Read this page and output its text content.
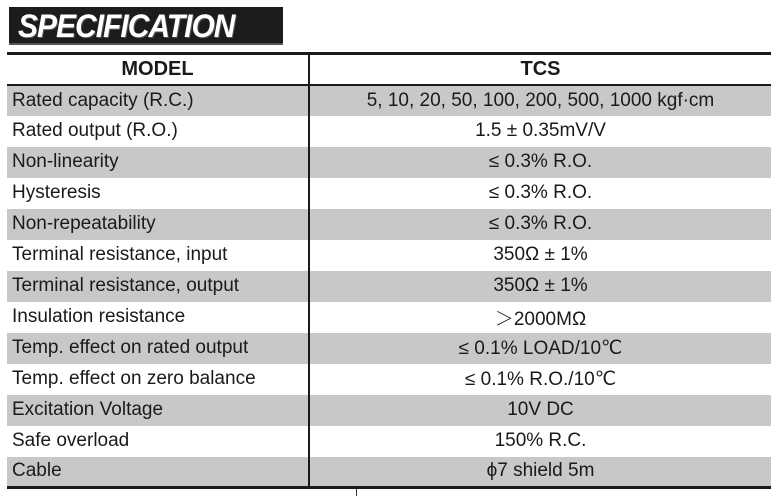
SPECIFICATION
MODEL	TCS
Rated capacity (R.C.)	5, 10, 20, 50, 100, 200, 500, 1000 kgf·cm
Rated output (R.O.)	1.5 ± 0.35mV/V
Non-linearity	≤ 0.3% R.O.
Hysteresis	≤ 0.3% R.O.
Non-repeatability	≤ 0.3% R.O.
Terminal resistance, input	350Ω ± 1%
Terminal resistance, output	350Ω ± 1%
Insulation resistance	＞2000MΩ
Temp. effect on rated output	≤ 0.1% LOAD/10℃
Temp. effect on zero balance	≤ 0.1% R.O./10℃
Excitation Voltage	10V DC
Safe overload	150% R.C.
Cable	ϕ7 shield 5m
